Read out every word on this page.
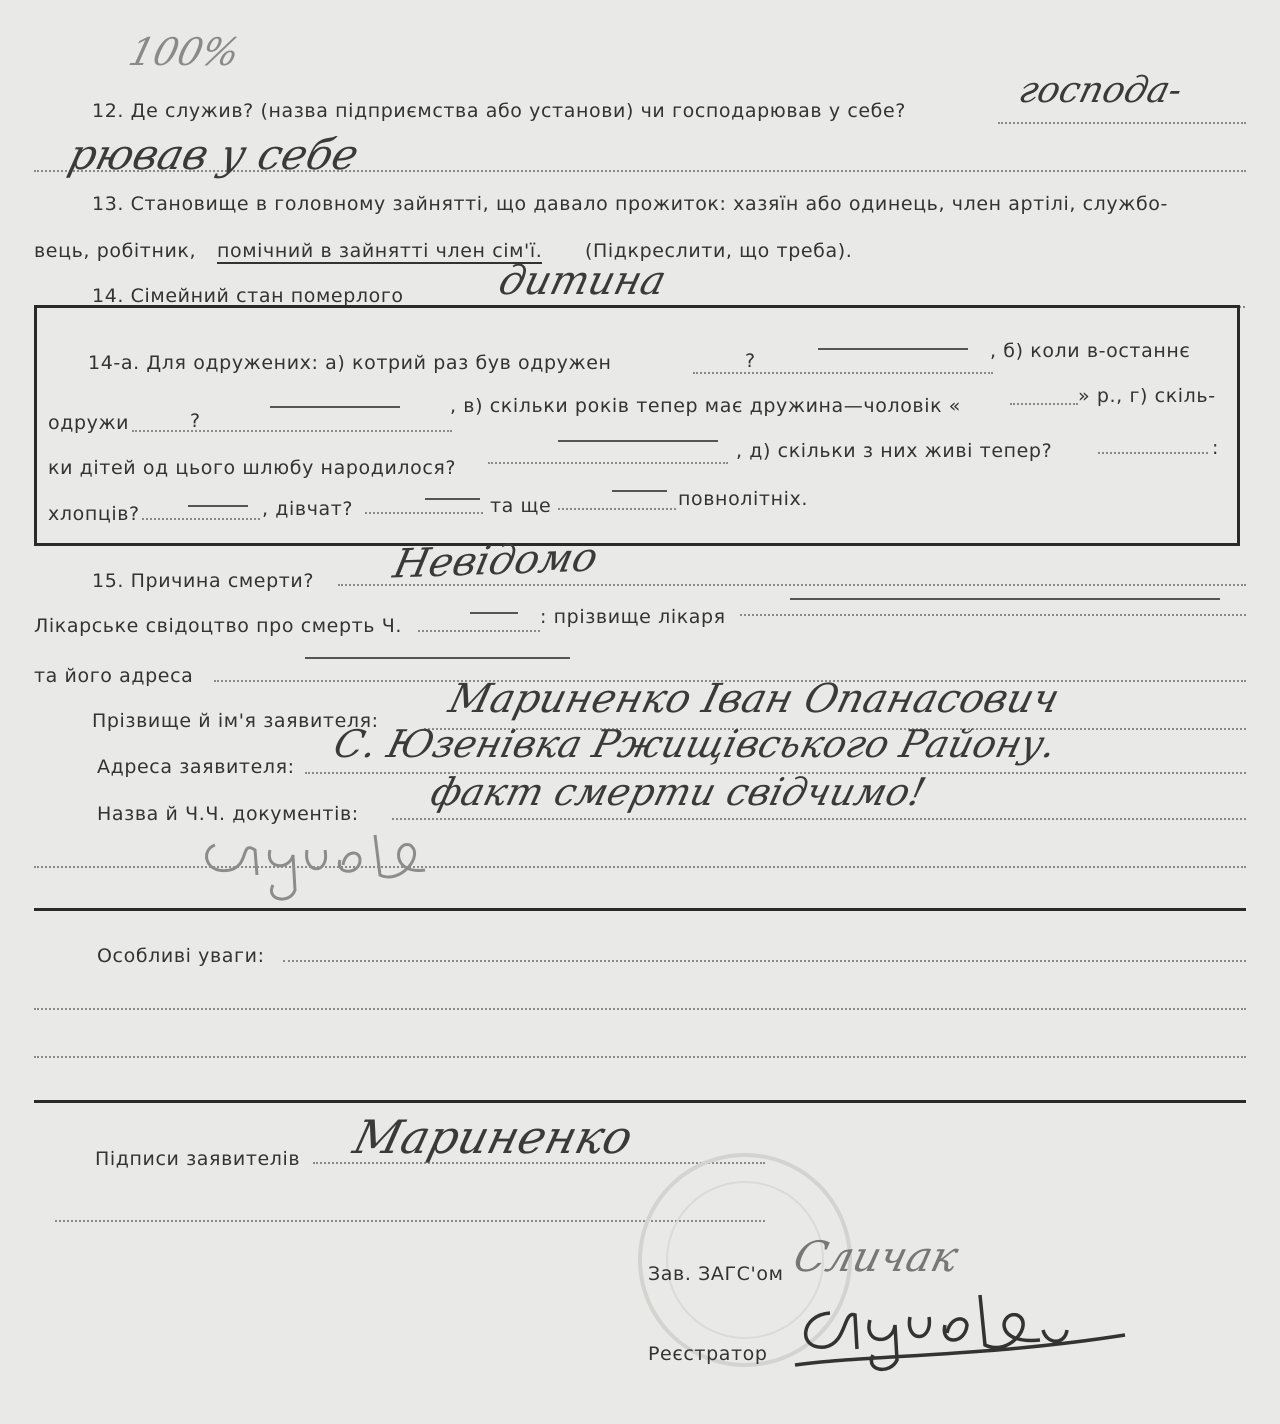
100%
12. Де служив? (назва підприємства або установи) чи господарював у себе?	господа-
рював у себе
13. Становище в головному зайнятті, що давало прожиток: хазяїн або одинець, член артілі, службо-
вець, робітник, помічний в зайнятті член сім'ї. (Підкреслити, що треба).
14. Сімейний стан померлого дитина
14-а. Для одружених: а) котрий раз був одружен	?	, б) коли в-останнє
одружи	?
, в) скільки років тепер має дружина—чоловік «	» р., г) скіль-
ки дітей од цього шлюбу народилося?
, д) скільки з них живі тепер?	:
хлопців?	, дівчат?	та ще	повнолітніх.
15. Причина смерти? Невідомо
Лікарське свідоцтво про смерть Ч.	: прізвище лікаря
та його адреса
Прізвище й ім'я заявителя: Мариненко Іван Опанасович
Адреса заявителя:
С. Юзенівка Ржищівського Району.
Назва й Ч.Ч. документів: факт смерти свідчимо!
Особливі уваги:
Підписи заявителів Мариненко
Зав. ЗАГС'ом Сличак
Реєстратор
